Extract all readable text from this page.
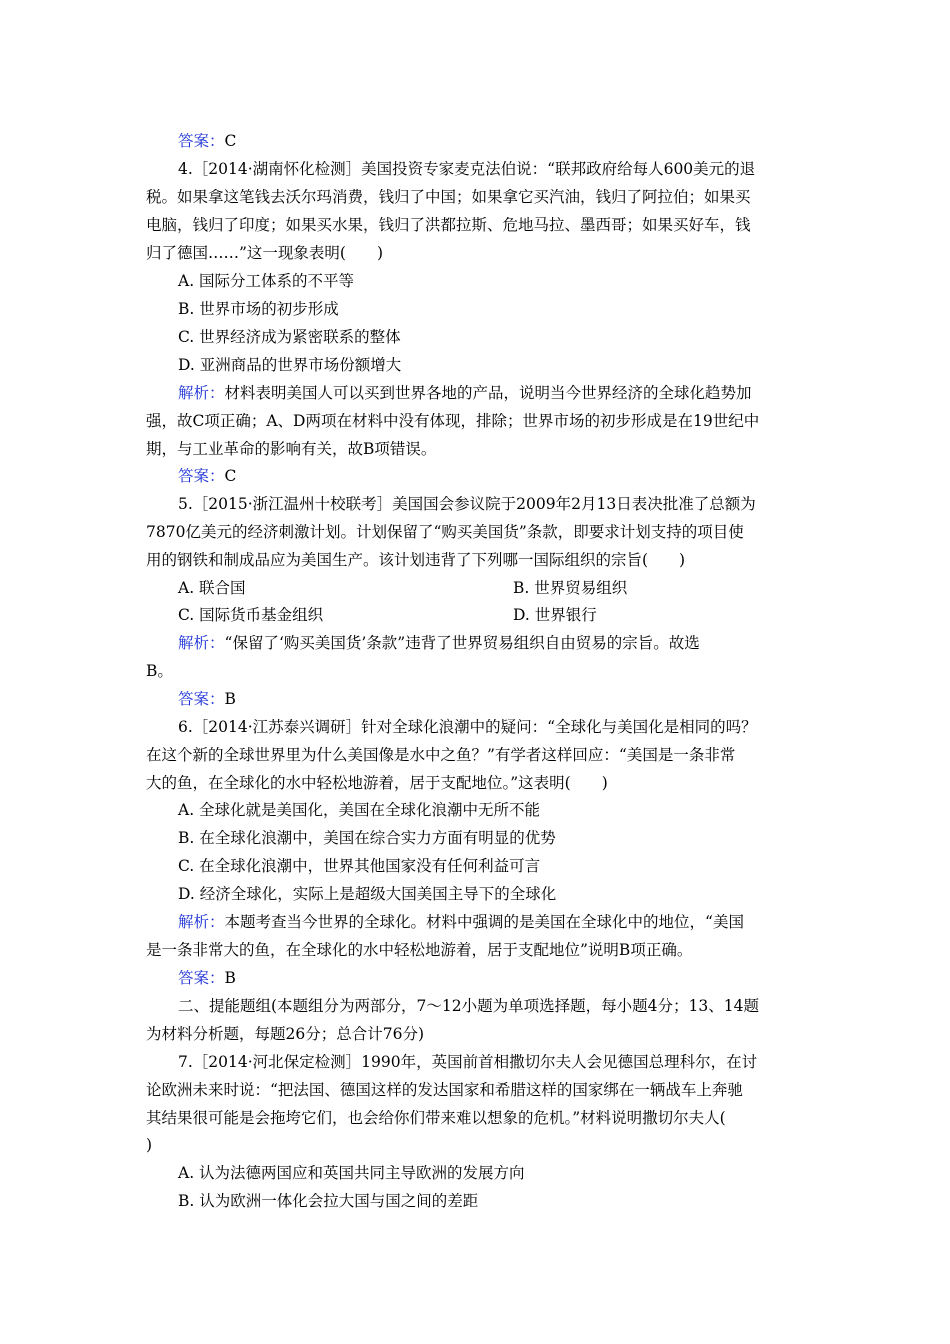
答案：C
4.［2014·湖南怀化检测］美国投资专家麦克法伯说：“联邦政府给每人600美元的退
税。如果拿这笔钱去沃尔玛消费，钱归了中国；如果拿它买汽油，钱归了阿拉伯；如果买
电脑，钱归了印度；如果买水果，钱归了洪都拉斯、危地马拉、墨西哥；如果买好车，钱
归了德国……”这一现象表明(　　)
A. 国际分工体系的不平等
B. 世界市场的初步形成
C. 世界经济成为紧密联系的整体
D. 亚洲商品的世界市场份额增大
解析：材料表明美国人可以买到世界各地的产品，说明当今世界经济的全球化趋势加
强，故C项正确；A、D两项在材料中没有体现，排除；世界市场的初步形成是在19世纪中
期，与工业革命的影响有关，故B项错误。
答案：C
5.［2015·浙江温州十校联考］美国国会参议院于2009年2月13日表决批准了总额为
7870亿美元的经济刺激计划。计划保留了“购买美国货”条款，即要求计划支持的项目使
用的钢铁和制成品应为美国生产。该计划违背了下列哪一国际组织的宗旨(　　)
A. 联合国	B. 世界贸易组织
C. 国际货币基金组织	D. 世界银行
解析：“保留了‘购买美国货’条款”违背了世界贸易组织自由贸易的宗旨。故选
B。
答案：B
6.［2014·江苏泰兴调研］针对全球化浪潮中的疑问：“全球化与美国化是相同的吗？
在这个新的全球世界里为什么美国像是水中之鱼？”有学者这样回应：“美国是一条非常
大的鱼，在全球化的水中轻松地游着，居于支配地位。”这表明(　　)
A. 全球化就是美国化，美国在全球化浪潮中无所不能
B. 在全球化浪潮中，美国在综合实力方面有明显的优势
C. 在全球化浪潮中，世界其他国家没有任何利益可言
D. 经济全球化，实际上是超级大国美国主导下的全球化
解析：本题考查当今世界的全球化。材料中强调的是美国在全球化中的地位，“美国
是一条非常大的鱼，在全球化的水中轻松地游着，居于支配地位”说明B项正确。
答案：B
二、提能题组(本题组分为两部分，7～12小题为单项选择题，每小题4分；13、14题
为材料分析题，每题26分；总合计76分)
7.［2014·河北保定检测］1990年，英国前首相撒切尔夫人会见德国总理科尔，在讨
论欧洲未来时说：“把法国、德国这样的发达国家和希腊这样的国家绑在一辆战车上奔驰
其结果很可能是会拖垮它们，也会给你们带来难以想象的危机。”材料说明撒切尔夫人(
)
A. 认为法德两国应和英国共同主导欧洲的发展方向
B. 认为欧洲一体化会拉大国与国之间的差距
